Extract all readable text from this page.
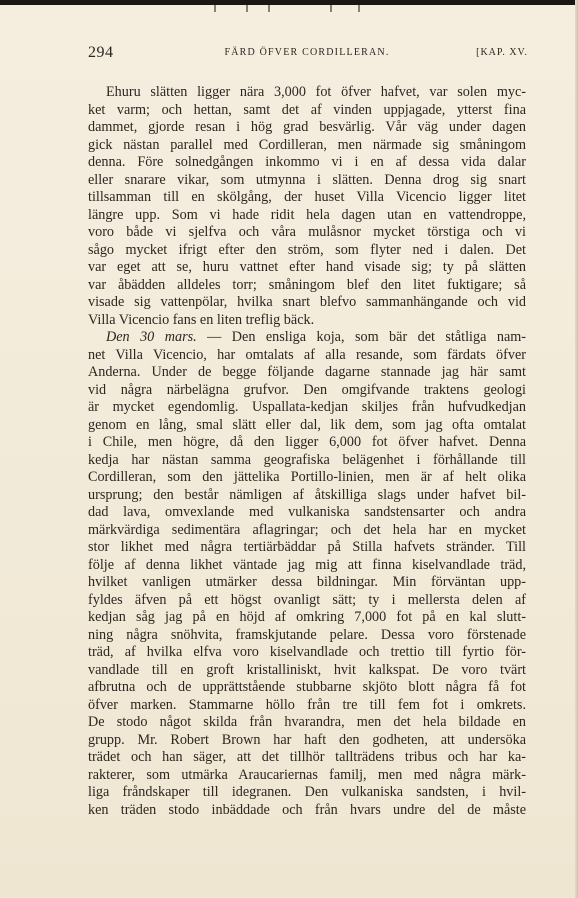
294	FÄRD ÖFVER CORDILLERAN.	[KAP. XV.
Ehuru slätten ligger nära 3,000 fot öfver hafvet, var solen myc-
ket varm; och hettan, samt det af vinden uppjagade, ytterst fina
dammet, gjorde resan i hög grad besvärlig. Vår väg under dagen
gick nästan parallel med Cordilleran, men närmade sig småningom
denna. Före solnedgången inkommo vi i en af dessa vida dalar
eller snarare vikar, som utmynna i slätten. Denna drog sig snart
tillsamman till en skölgång, der huset Villa Vicencio ligger litet
längre upp. Som vi hade ridit hela dagen utan en vattendroppe,
voro både vi sjelfva och våra mulåsnor mycket törstiga och vi
sågo mycket ifrigt efter den ström, som flyter ned i dalen. Det
var eget att se, huru vattnet efter hand visade sig; ty på slätten
var åbädden alldeles torr; småningom blef den litet fuktigare; så
visade sig vattenpölar, hvilka snart blefvo sammanhängande och vid
Villa Vicencio fans en liten treflig bäck.
Den 30 mars. — Den ensliga koja, som bär det ståtliga nam-
net Villa Vicencio, har omtalats af alla resande, som färdats öfver
Anderna. Under de begge följande dagarne stannade jag här samt
vid några närbelägna grufvor. Den omgifvande traktens geologi
är mycket egendomlig. Uspallata-kedjan skiljes från hufvudkedjan
genom en lång, smal slätt eller dal, lik dem, som jag ofta omtalat
i Chile, men högre, då den ligger 6,000 fot öfver hafvet. Denna
kedja har nästan samma geografiska belägenhet i förhållande till
Cordilleran, som den jättelika Portillo-linien, men är af helt olika
ursprung; den består nämligen af åtskilliga slags under hafvet bil-
dad lava, omvexlande med vulkaniska sandstensarter och andra
märkvärdiga sedimentära aflagringar; och det hela har en mycket
stor likhet med några tertiärbäddar på Stilla hafvets stränder. Till
följe af denna likhet väntade jag mig att finna kiselvandlade träd,
hvilket vanligen utmärker dessa bildningar. Min förväntan upp-
fyldes äfven på ett högst ovanligt sätt; ty i mellersta delen af
kedjan såg jag på en höjd af omkring 7,000 fot på en kal slutt-
ning några snöhvita, framskjutande pelare. Dessa voro förstenade
träd, af hvilka elfva voro kiselvandlade och trettio till fyrtio för-
vandlade till en groft kristalliniskt, hvit kalkspat. De voro tvärt
afbrutna och de upprättstående stubbarne skjöto blott några få fot
öfver marken. Stammarne höllo från tre till fem fot i omkrets.
De stodo något skilda från hvarandra, men det hela bildade en
grupp. Mr. Robert Brown har haft den godheten, att undersöka
trädet och han säger, att det tillhör tallträdens tribus och har ka-
rakterer, som utmärka Araucariernas familj, men med några märk-
liga fråndskaper till idegranen. Den vulkaniska sandsten, i hvil-
ken träden stodo inbäddade och från hvars undre del de måste
